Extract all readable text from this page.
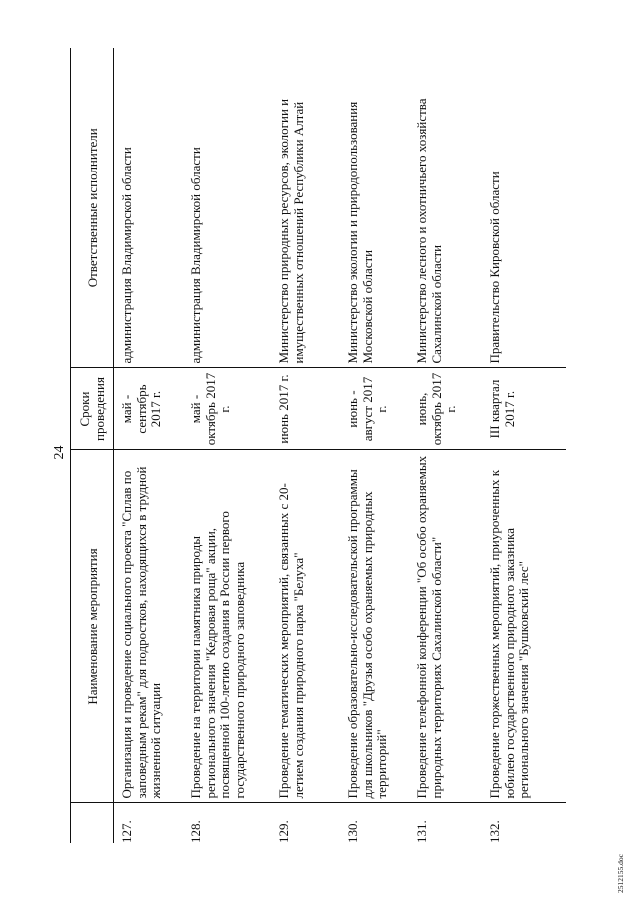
24
	Наименование мероприятия	Сроки проведения	Ответственные исполнители
127.	Организация и проведение социального проекта "Сплав по заповедным рекам" для подростков, находящихся в трудной жизненной ситуации	май - сентябрь 2017 г.	администрация Владимирской области
128.	Проведение на территории памятника природы регионального значения "Кедровая роща" акции, посвященной 100-летию создания в России первого государственного природного заповедника	май - октябрь 2017 г.	администрация Владимирской области
129.	Проведение тематических мероприятий, связанных с 20-летием создания природного парка "Белуха"	июнь 2017 г.	Министерство природных ресурсов, экологии и имущественных отношений Республики Алтай
130.	Проведение образовательно-исследовательской программы для школьников "Друзья особо охраняемых природных территорий"	июнь - август 2017 г.	Министерство экологии и природопользования Московской области
131.	Проведение телефонной конференции "Об особо охраняемых природных территориях Сахалинской области"	июнь, октябрь 2017 г.	Министерство лесного и охотничьего хозяйства Сахалинской области
132.	Проведение торжественных мероприятий, приуроченных к юбилею государственного природного заказника регионального значения "Бушковский лес"	III квартал 2017 г.	Правительство Кировской области
2512155.doc
